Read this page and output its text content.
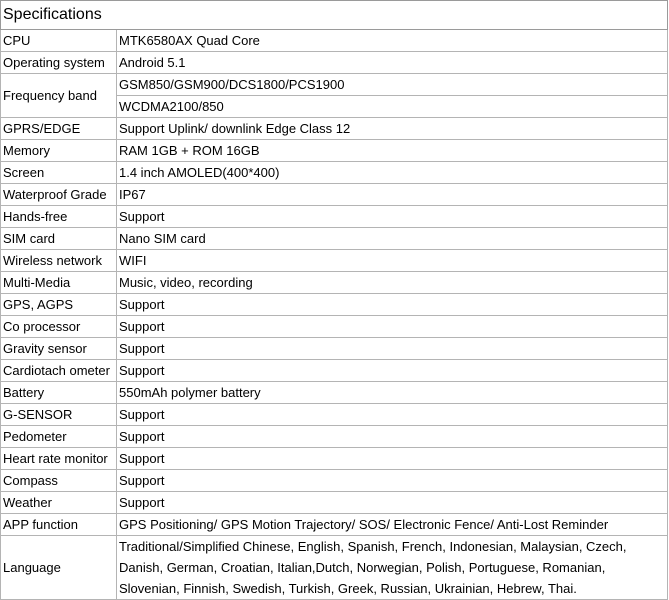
Specifications	
CPU	MTK6580AX Quad Core
Operating system	Android 5.1
Frequency band	GSM850/GSM900/DCS1800/PCS1900
WCDMA2100/850

GPRS/EDGE	Support Uplink/ downlink Edge Class 12
Memory	RAM 1GB + ROM 16GB
Screen	1.4 inch AMOLED(400*400)
Waterproof Grade	IP67
Hands-free	Support
SIM card	Nano SIM card
Wireless network	WIFI
Multi-Media	Music, video, recording
GPS, AGPS	Support
Co processor	Support
Gravity sensor	Support
Cardiotach ometer	Support
Battery	550mAh polymer battery
G-SENSOR	Support
Pedometer	Support
Heart rate monitor	Support
Compass	Support
Weather	Support
APP function	GPS Positioning/ GPS Motion Trajectory/ SOS/ Electronic Fence/ Anti-Lost Reminder
Language	Traditional/Simplified Chinese, English, Spanish, French, Indonesian, Malaysian, Czech,
Danish, German, Croatian, Italian,Dutch, Norwegian, Polish, Portuguese, Romanian,
Slovenian, Finnish, Swedish, Turkish, Greek, Russian, Ukrainian, Hebrew, Thai.
